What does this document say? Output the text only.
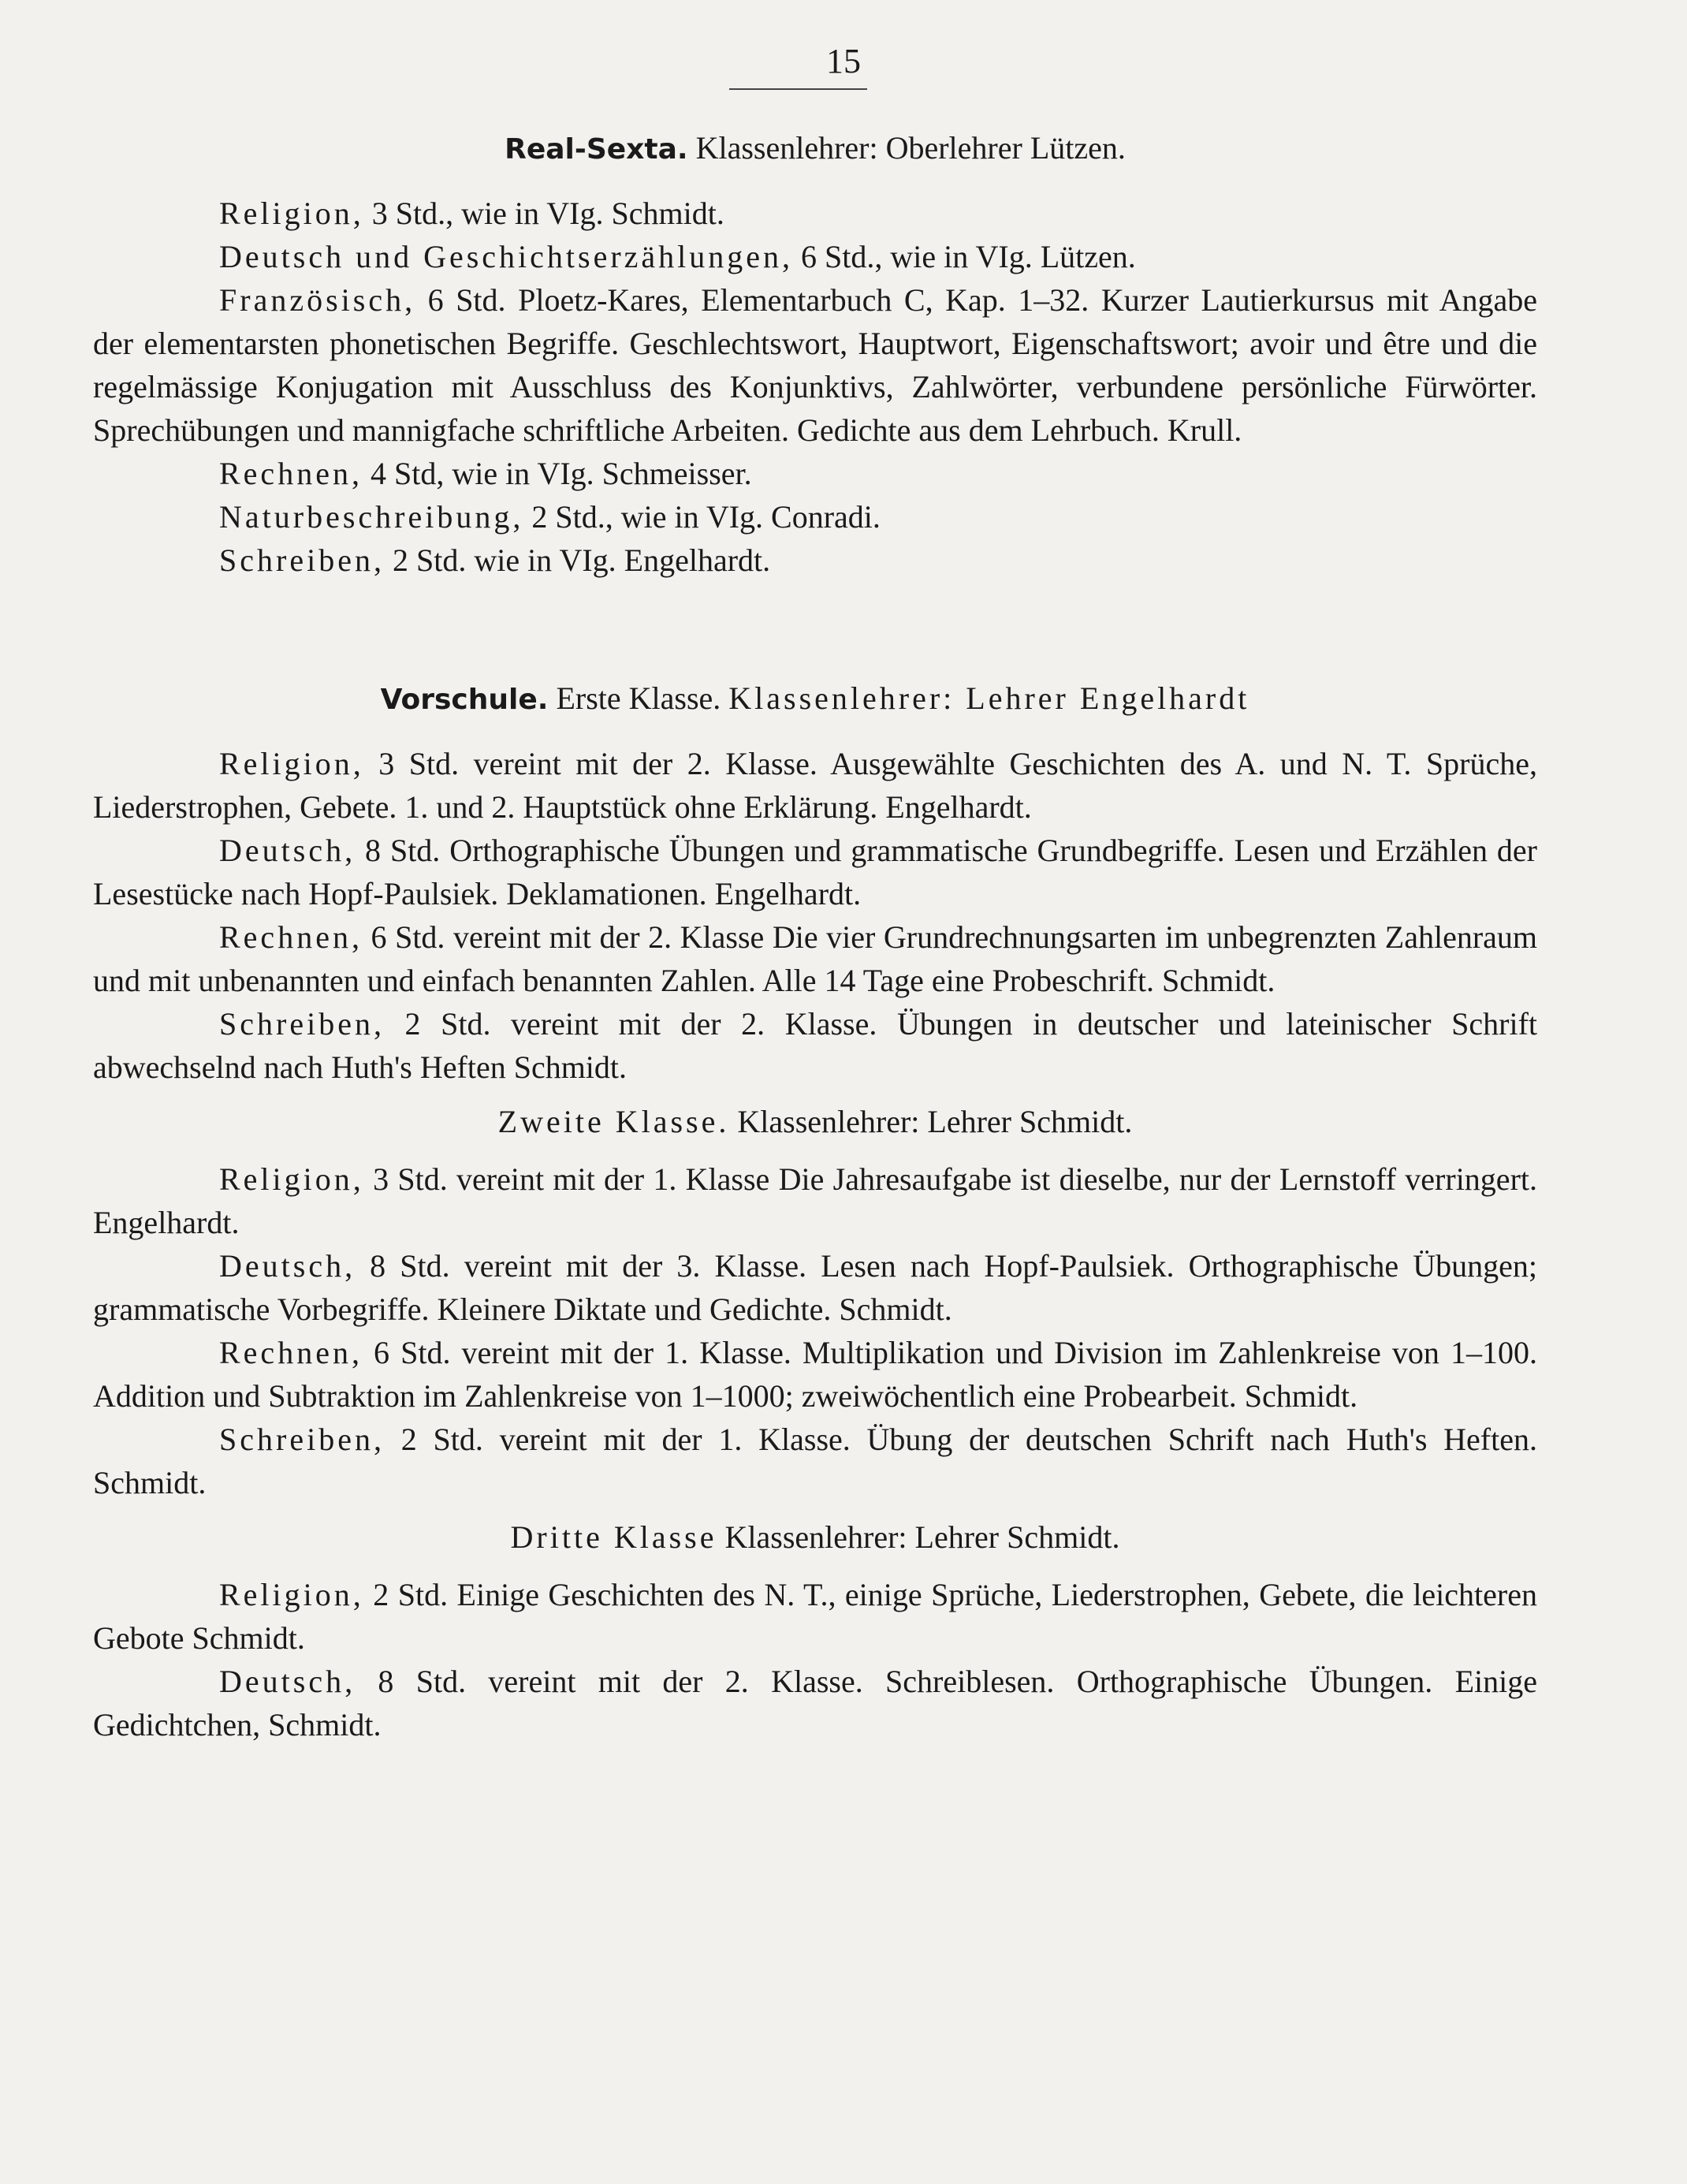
15
Real-Sexta. Klassenlehrer: Oberlehrer Lützen.
Religion, 3 Std., wie in VIg. Schmidt.
Deutsch und Geschichtserzählungen, 6 Std., wie in VIg. Lützen.
Französisch, 6 Std. Ploetz-Kares, Elementarbuch C, Kap. 1–32. Kurzer Lautierkursus mit Angabe der elementarsten phonetischen Begriffe. Geschlechtswort, Hauptwort, Eigenschaftswort; avoir und être und die regelmässige Konjugation mit Ausschluss des Konjunktivs, Zahlwörter, verbundene persönliche Fürwörter. Sprechübungen und mannigfache schriftliche Arbeiten. Gedichte aus dem Lehrbuch. Krull.
Rechnen, 4 Std, wie in VIg. Schmeisser.
Naturbeschreibung, 2 Std., wie in VIg. Conradi.
Schreiben, 2 Std. wie in VIg. Engelhardt.
Vorschule. Erste Klasse. Klassenlehrer: Lehrer Engelhardt
Religion, 3 Std. vereint mit der 2. Klasse. Ausgewählte Geschichten des A. und N. T. Sprüche, Liederstrophen, Gebete. 1. und 2. Hauptstück ohne Erklärung. Engelhardt.
Deutsch, 8 Std. Orthographische Übungen und grammatische Grundbegriffe. Lesen und Erzählen der Lesestücke nach Hopf-Paulsiek. Deklamationen. Engelhardt.
Rechnen, 6 Std. vereint mit der 2. Klasse Die vier Grundrechnungsarten im unbegrenzten Zahlenraum und mit unbenannten und einfach benannten Zahlen. Alle 14 Tage eine Probeschrift. Schmidt.
Schreiben, 2 Std. vereint mit der 2. Klasse. Übungen in deutscher und lateinischer Schrift abwechselnd nach Huth's Heften Schmidt.
Zweite Klasse. Klassenlehrer: Lehrer Schmidt.
Religion, 3 Std. vereint mit der 1. Klasse Die Jahresaufgabe ist dieselbe, nur der Lernstoff verringert. Engelhardt.
Deutsch, 8 Std. vereint mit der 3. Klasse. Lesen nach Hopf-Paulsiek. Orthographische Übungen; grammatische Vorbegriffe. Kleinere Diktate und Gedichte. Schmidt.
Rechnen, 6 Std. vereint mit der 1. Klasse. Multiplikation und Division im Zahlenkreise von 1–100. Addition und Subtraktion im Zahlenkreise von 1–1000; zweiwöchentlich eine Probearbeit. Schmidt.
Schreiben, 2 Std. vereint mit der 1. Klasse. Übung der deutschen Schrift nach Huth's Heften. Schmidt.
Dritte Klasse Klassenlehrer: Lehrer Schmidt.
Religion, 2 Std. Einige Geschichten des N. T., einige Sprüche, Liederstrophen, Gebete, die leichteren Gebote Schmidt.
Deutsch, 8 Std. vereint mit der 2. Klasse. Schreiblesen. Orthographische Übungen. Einige Gedichtchen, Schmidt.
